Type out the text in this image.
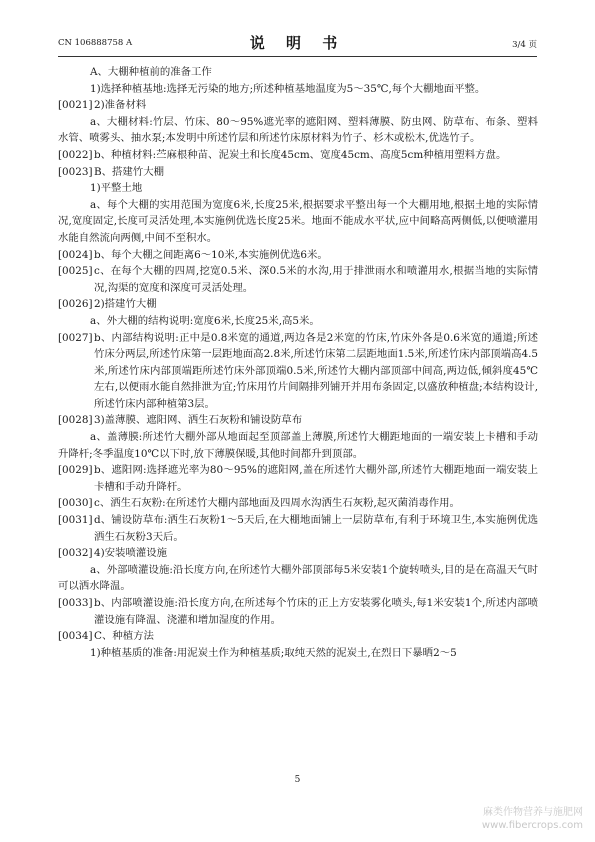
CN 106888758 A	说 明 书	3/4 页
A、大棚种植前的准备工作
1)选择种植基地:选择无污染的地方;所述种植基地温度为5～35℃,每个大棚地面平整。
[0021] 2)准备材料
a、大棚材料:竹层、竹床、80～95%遮光率的遮阳网、塑料薄膜、防虫网、防草布、布条、塑料水管、喷雾头、抽水泵;本发明中所述竹层和所述竹床原材料为竹子、杉木或松木,优选竹子。
[0022] b、种植材料:苎麻根种苗、泥炭土和长度45cm、宽度45cm、高度5cm种植用塑料方盘。
[0023] B、搭建竹大棚
1)平整土地
a、每个大棚的实用范围为宽度6米,长度25米,根据要求平整出每一个大棚用地,根据土地的实际情况,宽度固定,长度可灵活处理,本实施例优选长度25米。地面不能成水平状,应中间略高两侧低,以便喷灌用水能自然流向两侧,中间不至积水。
[0024] b、每个大棚之间距离6～10米,本实施例优选6米。
[0025] c、在每个大棚的四周,挖宽0.5米、深0.5米的水沟,用于排泄雨水和喷灌用水,根据当地的实际情况,沟渠的宽度和深度可灵活处理。
[0026] 2)搭建竹大棚
a、外大棚的结构说明:宽度6米,长度25米,高5米。
[0027] b、内部结构说明:正中是0.8米宽的通道,两边各是2米宽的竹床,竹床外各是0.6米宽的通道;所述竹床分两层,所述竹床第一层距地面高2.8米,所述竹床第二层距地面1.5米,所述竹床内部顶端高4.5米,所述竹床内部顶端距所述竹床外部顶端0.5米,所述竹大棚内部顶部中间高,两边低,倾斜度45℃左右,以便雨水能自然排泄为宜;竹床用竹片间隔排列铺开并用布条固定,以盛放种植盘;本结构设计,所述竹床内部种植第3层。
[0028] 3)盖薄膜、遮阳网、洒生石灰粉和铺设防草布
a、盖薄膜:所述竹大棚外部从地面起至顶部盖上薄膜,所述竹大棚距地面的一端安装上卡槽和手动升降杆;冬季温度10℃以下时,放下薄膜保暖,其他时间都升到顶部。
[0029] b、遮阳网:选择遮光率为80～95%的遮阳网,盖在所述竹大棚外部,所述竹大棚距地面一端安装上卡槽和手动升降杆。
[0030] c、洒生石灰粉:在所述竹大棚内部地面及四周水沟洒生石灰粉,起灭菌消毒作用。
[0031] d、铺设防草布:洒生石灰粉1～5天后,在大棚地面铺上一层防草布,有利于环境卫生,本实施例优选洒生石灰粉3天后。
[0032] 4)安装喷灌设施
a、外部喷灌设施:沿长度方向,在所述竹大棚外部顶部每5米安装1个旋转喷头,目的是在高温天气时可以洒水降温。
[0033] b、内部喷灌设施:沿长度方向,在所述每个竹床的正上方安装雾化喷头,每1米安装1个,所述内部喷灌设施有降温、浇灌和增加湿度的作用。
[0034] C、种植方法
1)种植基质的准备:用泥炭土作为种植基质;取纯天然的泥炭土,在烈日下暴晒2～5
5
麻类作物营养与施肥网
www.fibercrops.com
